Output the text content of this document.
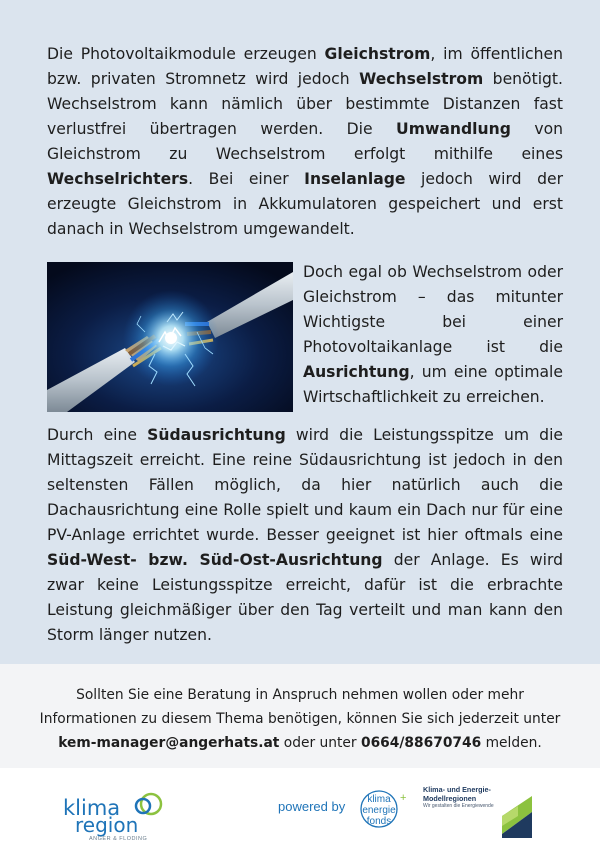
Die Photovoltaikmodule erzeugen Gleichstrom, im öffentlichen bzw. privaten Stromnetz wird jedoch Wechselstrom benötigt. Wechselstrom kann nämlich über bestimmte Distanzen fast verlustfrei übertragen werden. Die Umwandlung von Gleichstrom zu Wechselstrom erfolgt mithilfe eines Wechselrichters. Bei einer Inselanlage jedoch wird der erzeugte Gleichstrom in Akkumulatoren gespeichert und erst danach in Wechselstrom umgewandelt.

Doch egal ob Wechselstrom oder Gleichstrom – das mitunter Wichtigste bei einer Photovoltaikanlage ist die Ausrichtung, um eine optimale Wirtschaftlichkeit zu erreichen.

Durch eine Südausrichtung wird die Leistungsspitze um die Mittagszeit erreicht. Eine reine Südausrichtung ist jedoch in den seltensten Fällen möglich, da hier natürlich auch die Dachausrichtung eine Rolle spielt und kaum ein Dach nur für eine PV-Anlage errichtet wurde. Besser geeignet ist hier oftmals eine Süd-West- bzw. Süd-Ost-Ausrichtung der Anlage. Es wird zwar keine Leistungsspitze erreicht, dafür ist die erbrachte Leistung gleichmäßiger über den Tag verteilt und man kann den Storm länger nutzen.

Sollten Sie eine Beratung in Anspruch nehmen wollen oder mehr
Informationen zu diesem Thema benötigen, können Sie sich jederzeit unter
kem-manager@angerhats.at oder unter 0664/88670746 melden.
klima
region
ANGER & FLODING
powered by klima
energie
fonds
+
Klima- und Energie-
Modellregionen
Wir gestalten die Energiewende
